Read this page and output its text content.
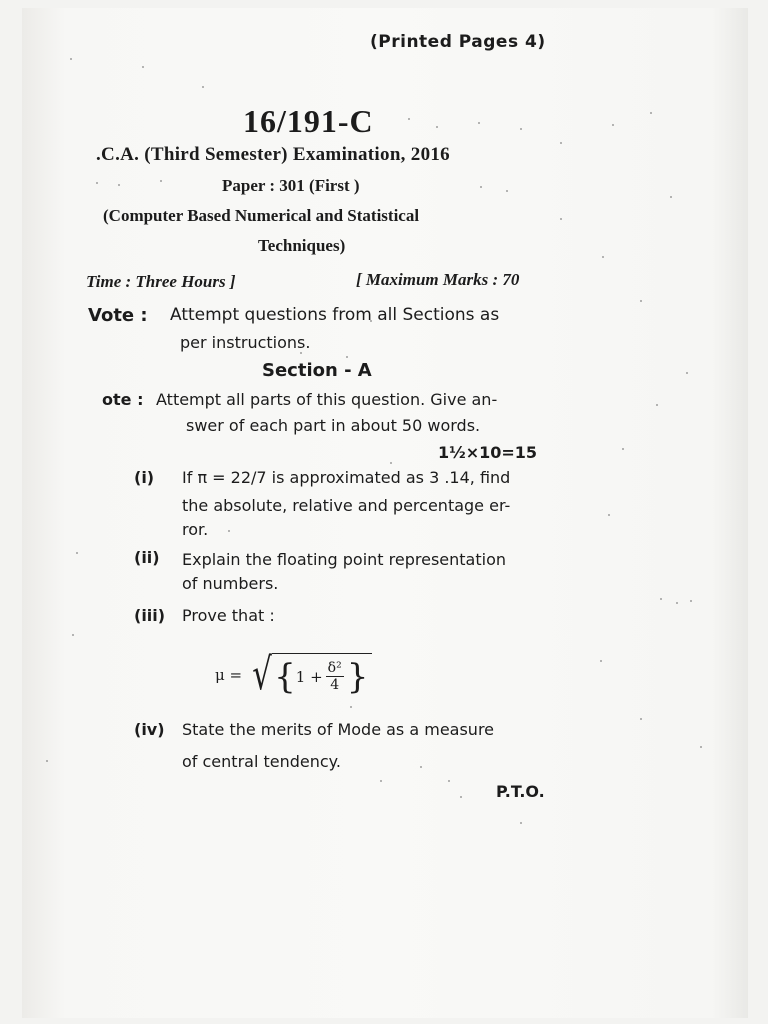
(Printed Pages 4)
16/191-C
.C.A. (Third Semester) Examination, 2016
Paper : 301 (First )
(Computer Based Numerical and Statistical
Techniques)
Time : Three Hours ]	[ Maximum Marks : 70
Vote : Attempt questions from all Sections as
per instructions.
Section - A
ote : Attempt all parts of this question. Give an-
swer of each part in about 50 words.
1½×10=15
(i) If π = 22/7 is approximated as 3 .14, find
the absolute, relative and percentage er-
ror.
(ii) Explain the floating point representation
of numbers.
(iii) Prove that :
μ = √ { $1 + \frac{\text{δ²}}{4}$ }
(iv) State the merits of Mode as a measure
of central tendency.
P.T.O.
